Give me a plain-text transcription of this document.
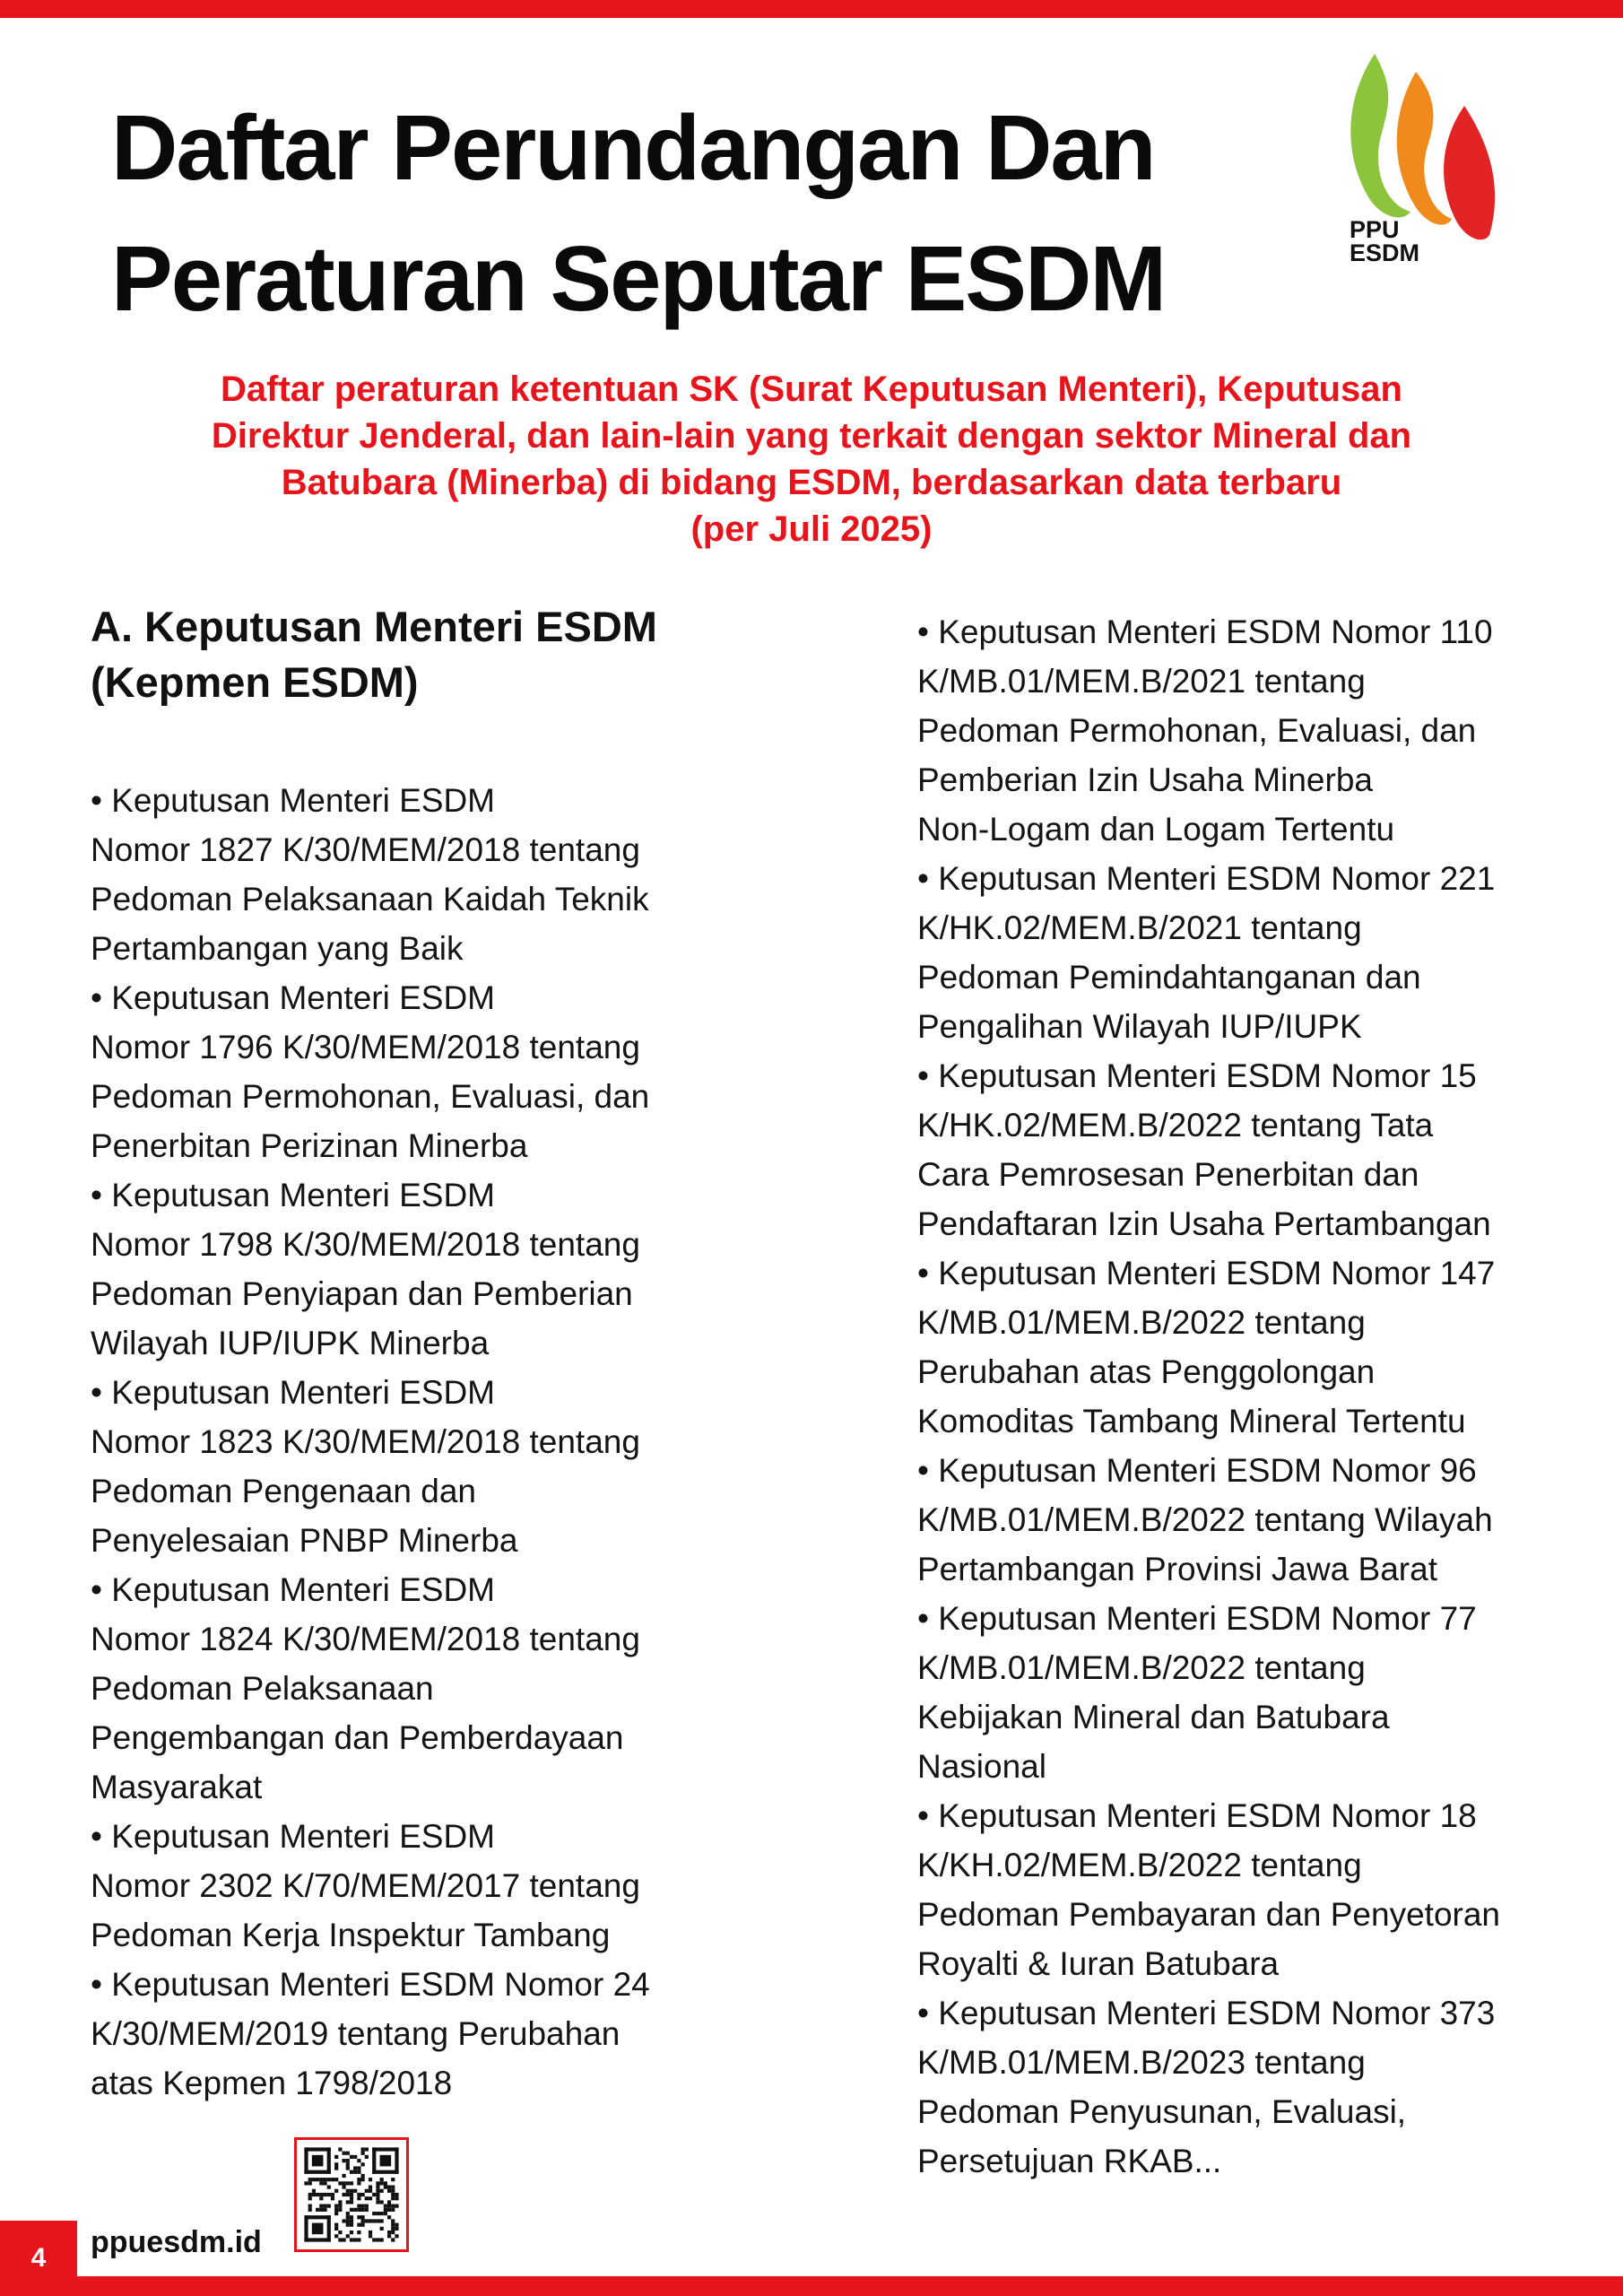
Daftar Perundangan Dan
Peraturan Seputar ESDM	PPU
ESDM

Daftar peraturan ketentuan SK (Surat Keputusan Menteri), Keputusan
Direktur Jenderal, dan lain-lain yang terkait dengan sektor Mineral dan
Batubara (Minerba) di bidang ESDM, berdasarkan data terbaru
(per Juli 2025)

A. Keputusan Menteri ESDM
(Kepmen ESDM)
• Keputusan Menteri ESDM
Nomor 1827 K/30/MEM/2018 tentang
Pedoman Pelaksanaan Kaidah Teknik
Pertambangan yang Baik
• Keputusan Menteri ESDM
Nomor 1796 K/30/MEM/2018 tentang
Pedoman Permohonan, Evaluasi, dan
Penerbitan Perizinan Minerba
• Keputusan Menteri ESDM
Nomor 1798 K/30/MEM/2018 tentang
Pedoman Penyiapan dan Pemberian
Wilayah IUP/IUPK Minerba
• Keputusan Menteri ESDM
Nomor 1823 K/30/MEM/2018 tentang
Pedoman Pengenaan dan
Penyelesaian PNBP Minerba
• Keputusan Menteri ESDM
Nomor 1824 K/30/MEM/2018 tentang
Pedoman Pelaksanaan
Pengembangan dan Pemberdayaan
Masyarakat
• Keputusan Menteri ESDM
Nomor 2302 K/70/MEM/2017 tentang
Pedoman Kerja Inspektur Tambang
• Keputusan Menteri ESDM Nomor 24
K/30/MEM/2019 tentang Perubahan
atas Kepmen 1798/2018
• Keputusan Menteri ESDM Nomor 110
K/MB.01/MEM.B/2021 tentang
Pedoman Permohonan, Evaluasi, dan
Pemberian Izin Usaha Minerba
Non-Logam dan Logam Tertentu
• Keputusan Menteri ESDM Nomor 221
K/HK.02/MEM.B/2021 tentang
Pedoman Pemindahtanganan dan
Pengalihan Wilayah IUP/IUPK
• Keputusan Menteri ESDM Nomor 15
K/HK.02/MEM.B/2022 tentang Tata
Cara Pemrosesan Penerbitan dan
Pendaftaran Izin Usaha Pertambangan
• Keputusan Menteri ESDM Nomor 147
K/MB.01/MEM.B/2022 tentang
Perubahan atas Penggolongan
Komoditas Tambang Mineral Tertentu
• Keputusan Menteri ESDM Nomor 96
K/MB.01/MEM.B/2022 tentang Wilayah
Pertambangan Provinsi Jawa Barat
• Keputusan Menteri ESDM Nomor 77
K/MB.01/MEM.B/2022 tentang
Kebijakan Mineral dan Batubara
Nasional
• Keputusan Menteri ESDM Nomor 18
K/KH.02/MEM.B/2022 tentang
Pedoman Pembayaran dan Penyetoran
Royalti & Iuran Batubara
• Keputusan Menteri ESDM Nomor 373
K/MB.01/MEM.B/2023 tentang
Pedoman Penyusunan, Evaluasi,
Persetujuan RKAB...
4 ppuesdm.id
